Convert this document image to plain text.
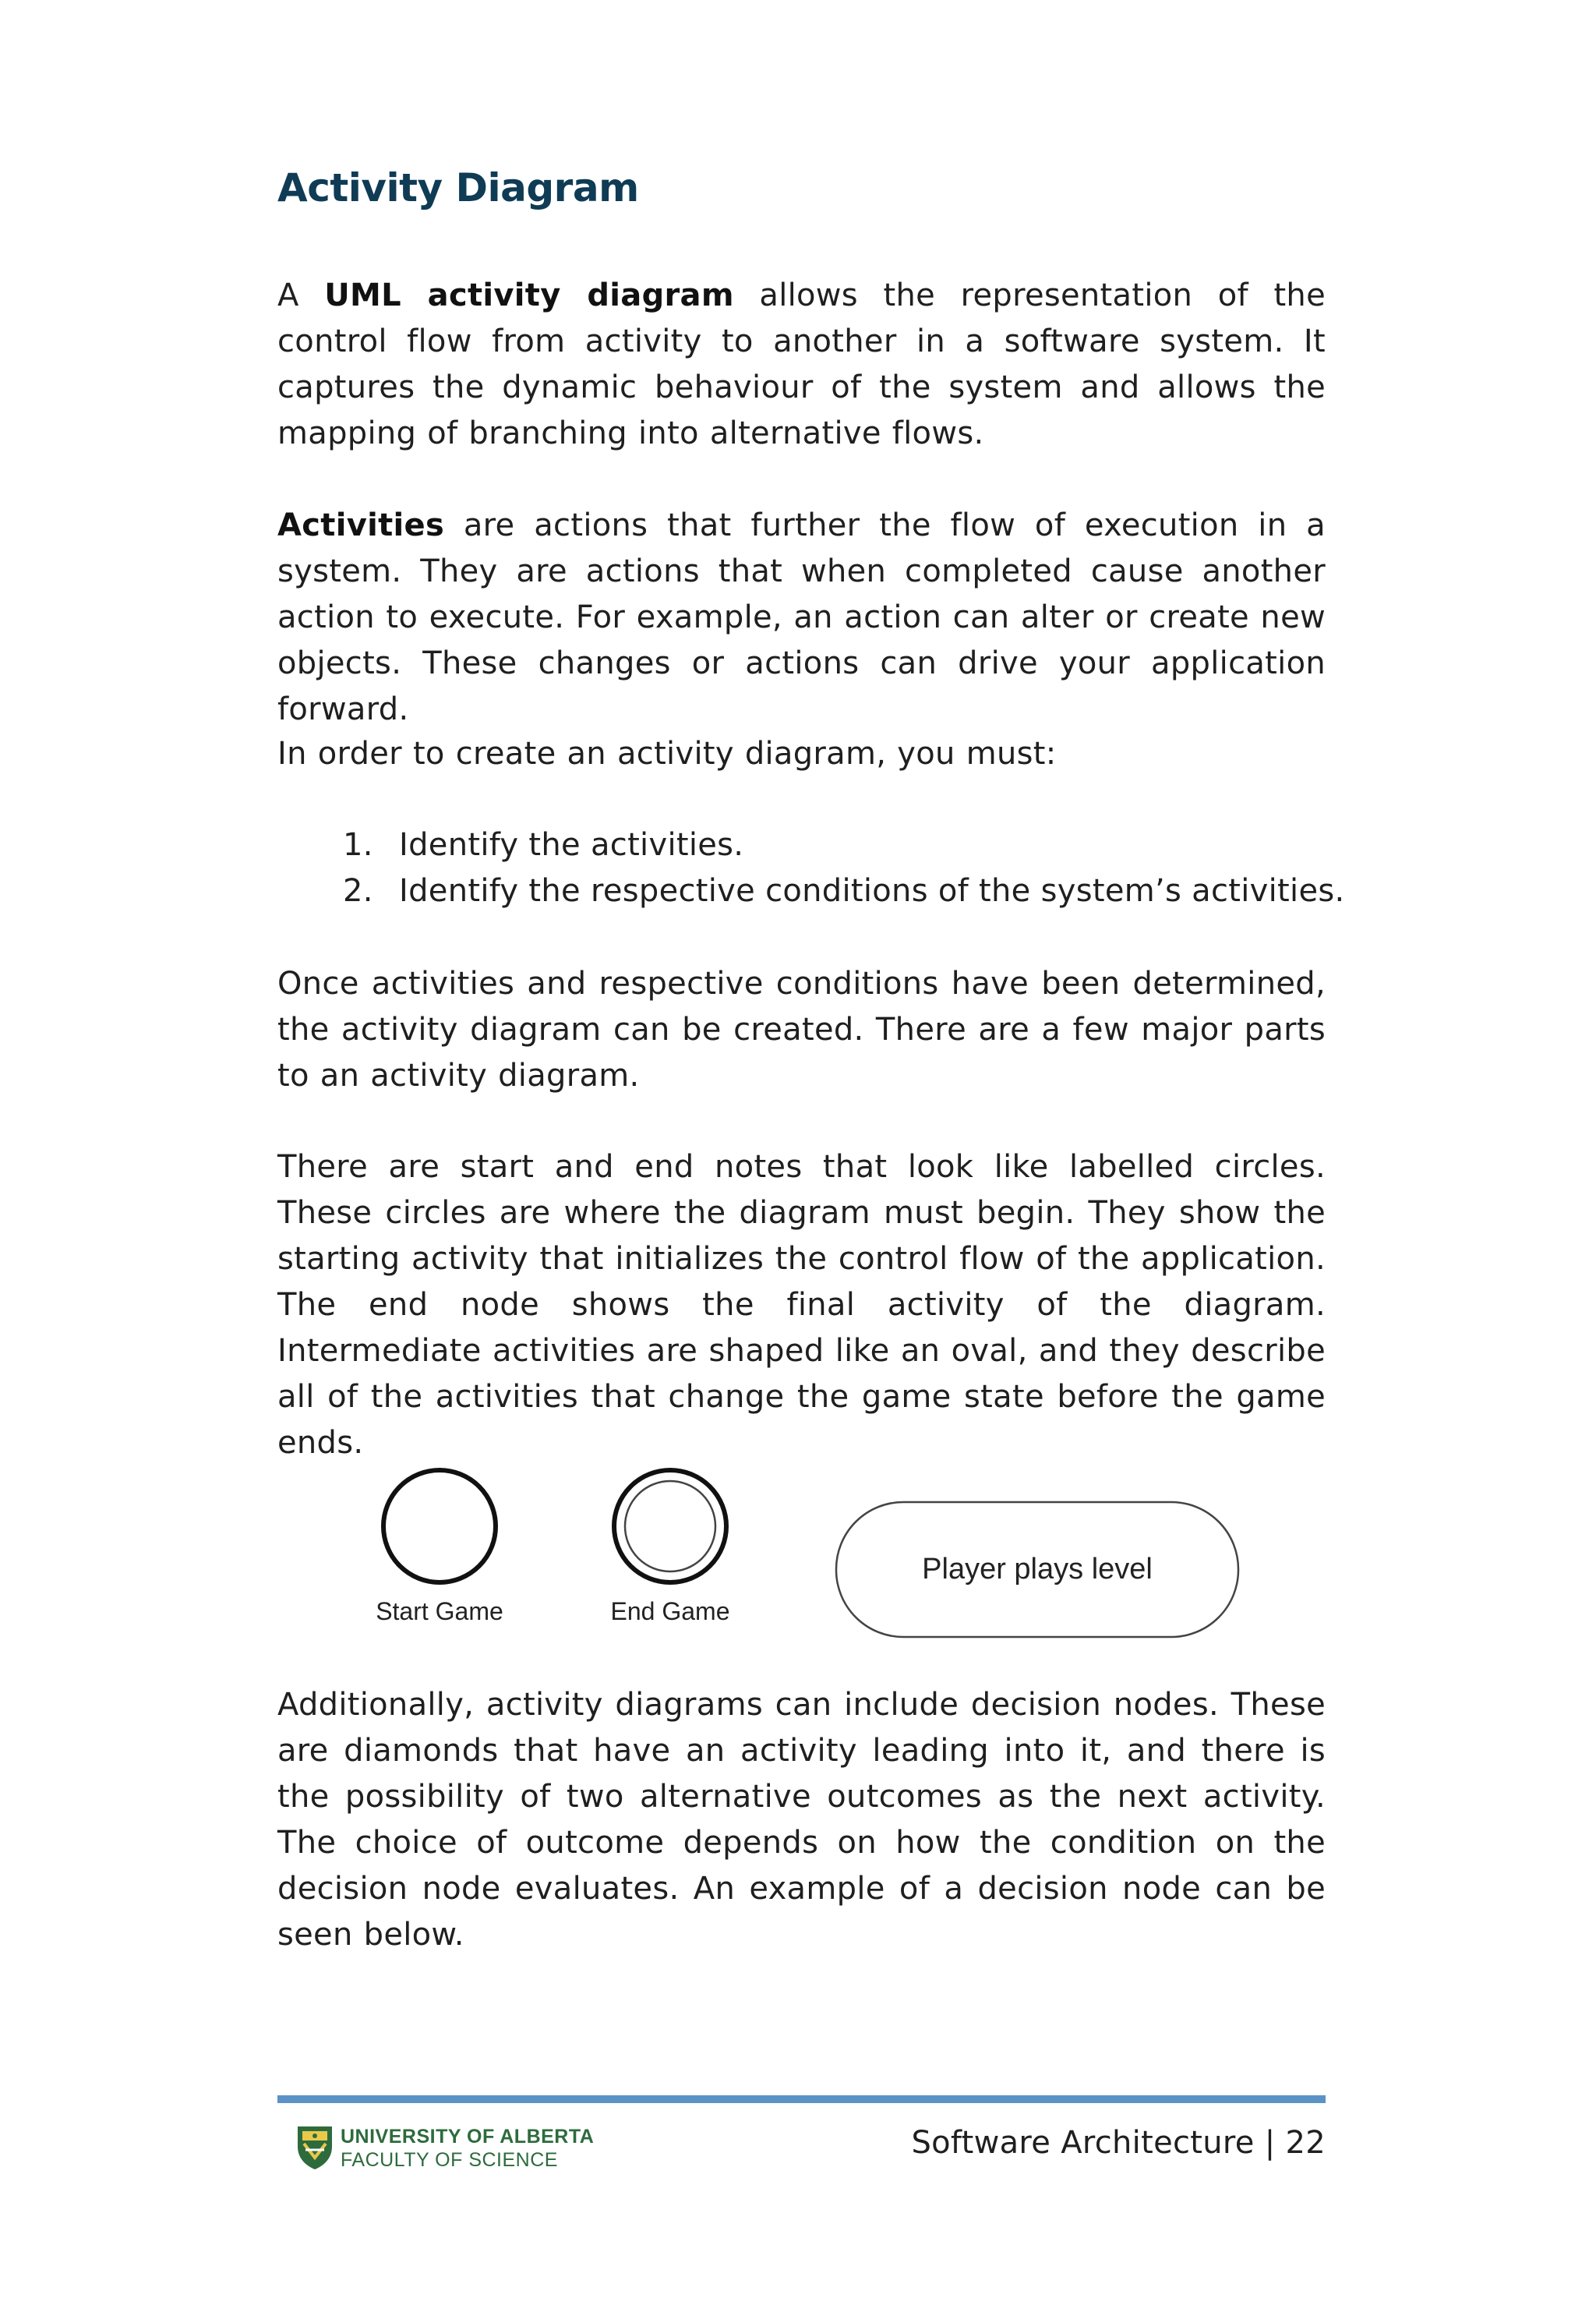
Activity Diagram

A UML activity diagram allows the representation of the control flow from activity to another in a software system. It captures the dynamic behaviour of the system and allows the mapping of branching into alternative flows.

Activities are actions that further the flow of execution in a system. They are actions that when completed cause another action to execute. For example, an action can alter or create new objects. These changes or actions can drive your application forward.

In order to create an activity diagram, you must:

1. Identify the activities.
2. Identify the respective conditions of the system’s activities.

Once activities and respective conditions have been determined, the activity diagram can be created. There are a few major parts to an activity diagram.

There are start and end notes that look like labelled circles. These circles are where the diagram must begin. They show the starting activity that initializes the control flow of the application. The end node shows the final activity of the diagram. Intermediate activities are shaped like an oval, and they describe all of the activities that change the game state before the game ends.

Start Game	End Game
Player plays level

Additionally, activity diagrams can include decision nodes. These are diamonds that have an activity leading into it, and there is the possibility of two alternative outcomes as the next activity. The choice of outcome depends on how the condition on the decision node evaluates. An example of a decision node can be seen below.

UNIVERSITY OF ALBERTA
FACULTY OF SCIENCE	Software Architecture | 22
